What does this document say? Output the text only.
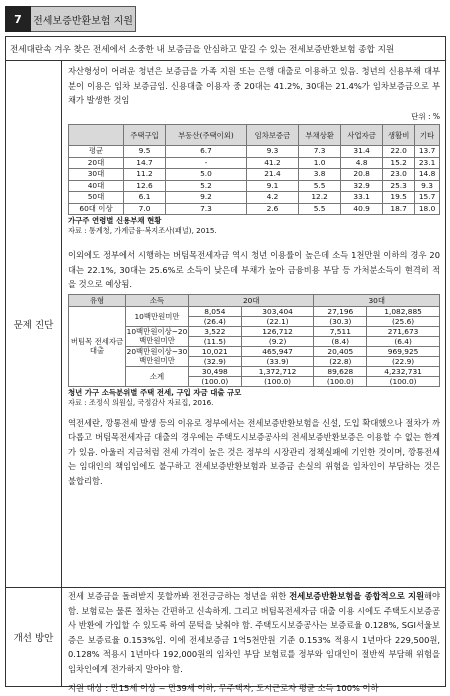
7	전세보증반환보험 지원
전세대란속 겨우 찾은 전세에서 소중한 내 보증금을 안심하고 맡길 수 있는 전세보증반환보험 종합 지원
문제 진단
개선 방안
자산형성이 어려운 청년은 보증금을 가족 지원 또는 은행 대출로 이용하고 있음. 청년의 신용부채 대부분이 이용은 임차 보증금임. 신용대출 이용자 중 20대는 41.2%, 30대는 21.4%가 임차보증금으로 부채가 발생한 것임
단위 : %
	주택구입	부동산(주택이외)	임차보증금	부채상환	사업자금	생활비	기타
평균	9.5	6.7	9.3	7.3	31.4	22.0	13.7
20대	14.7	-	41.2	1.0	4.8	15.2	23.1
30대	11.2	5.0	21.4	3.8	20.8	23.0	14.8
40대	12.6	5.2	9.1	5.5	32.9	25.3	9.3
50대	6.1	9.2	4.2	12.2	33.1	19.5	15.7
60대 이상	7.0	7.3	2.6	5.5	40.9	18.7	18.0
가구주 연령별 신용부채 현황
자료 : 통계청, 가계금융·복지조사(패널), 2015.
이외에도 정부에서 시행하는 버팀목전세자금 역시 청년 이용률이 높은데 소득 1천만원 이하의 경우 20대는 22.1%, 30대는 25.6%로 소득이 낮은데 부채가 높아 금융비용 부담 등 가처분소득이 현격히 적을 것으로 예상됨.
유형	소득	20대		30대	
버팀목 전세자금 대출	10백만원미만	8,054	303,404	27,196	1,082,885
		(26.4)	(22.1)	(30.3)	(25.6)
	10백만원이상~20백만원미만	3,522	126,712	7,511	271,673
		(11.5)	(9.2)	(8.4)	(6.4)
	20백만원이상~30백만원미만	10,021	465,947	20,405	969,925
		(32.9)	(33.9)	(22.8)	(22.9)
	소계	30,498	1,372,712	89,628	4,232,731
		(100.0)	(100.0)	(100.0)	(100.0)
청년 가구 소득분위별 주택 전세, 구입 자금 대출 규모
자료 : 조정식 의원실, 국정감사 자료집, 2016.
역전세란, 깡통전세 발생 등의 이유로 정부에서는 전세보증반환보험을 신설, 도입 확대했으나 절차가 까다롭고 버팀목전세자금 대출의 경우에는 주택도시보증공사의 전세보증반환보증은 이용할 수 없는 한계가 있음. 아울러 지금처럼 전세 가격이 높은 것은 정부의 시장관리 정책실패에 기인한 것이며, 깡통전세는 임대인의 책임임에도 불구하고 전세보증반환보험과 보증금 손실의 위험을 임차인이 부담하는 것은 불합리함.
전세 보증금을 돌려받지 못할까봐 전전긍긍하는 청년을 위한 전세보증반환보험을 종합적으로 지원해야 함. 보험료는 물론 절차는 간편하고 신속하게. 그리고 버팀목전세자금 대출 이용 시에도 주택도시보증공사 반환에 가입할 수 있도록 하여 문턱을 낮춰야 함. 주택도시보증공사는 보증료율 0.128%, SGI서울보증은 보증료율 0.153%임. 이에 전세보증금 1억5천만원 기준 0.153% 적용시 1년마다 229,500원, 0.128% 적용시 1년마다 192,000원의 임차인 부담 보험료를 정부와 임대인이 절반씩 부담해 위험을 임차인에게 전가하지 말아야 함.
지원 대상 : 만15세 이상 ~ 만39세 이하, 무주택자, 도시근로자 평균 소득 100% 이하
